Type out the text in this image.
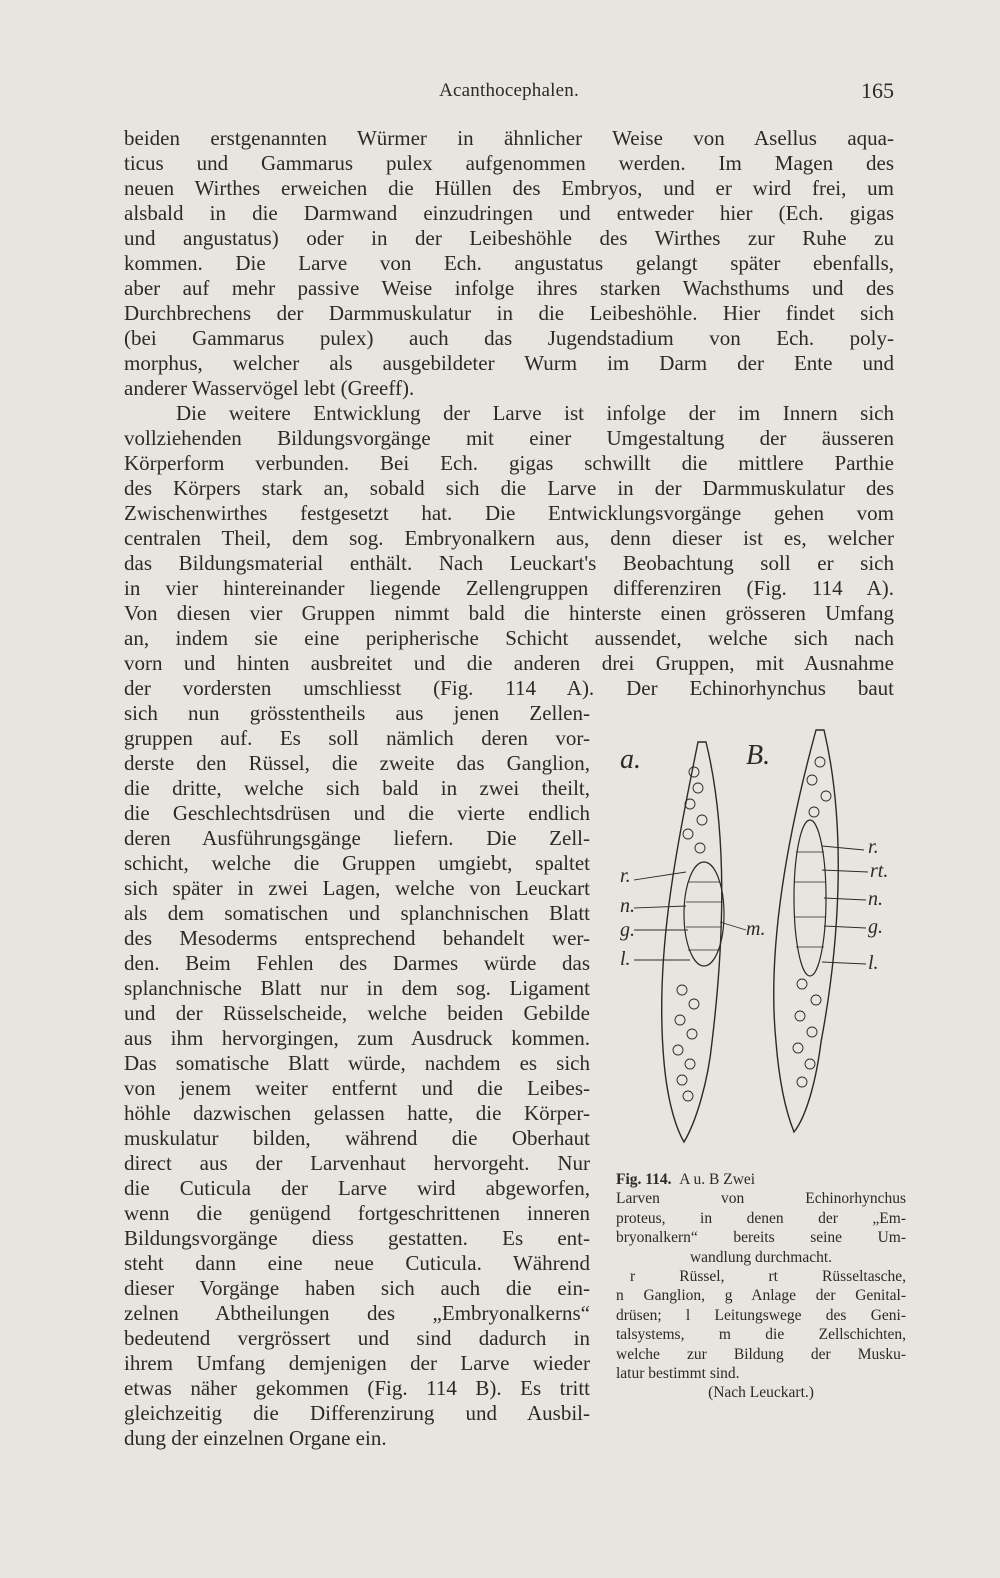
Acanthocephalen.	165
beiden erstgenannten Würmer in ähnlicher Weise von Asellus aqua-
ticus und Gammarus pulex aufgenommen werden. Im Magen des
neuen Wirthes erweichen die Hüllen des Embryos, und er wird frei, um
alsbald in die Darmwand einzudringen und entweder hier (Ech. gigas
und angustatus) oder in der Leibeshöhle des Wirthes zur Ruhe zu
kommen. Die Larve von Ech. angustatus gelangt später ebenfalls,
aber auf mehr passive Weise infolge ihres starken Wachsthums und des
Durchbrechens der Darmmuskulatur in die Leibeshöhle. Hier findet sich
(bei Gammarus pulex) auch das Jugendstadium von Ech. poly-
morphus, welcher als ausgebildeter Wurm im Darm der Ente und
anderer Wasservögel lebt (Greeff).
Die weitere Entwicklung der Larve ist infolge der im Innern sich
vollziehenden Bildungsvorgänge mit einer Umgestaltung der äusseren
Körperform verbunden. Bei Ech. gigas schwillt die mittlere Parthie
des Körpers stark an, sobald sich die Larve in der Darmmuskulatur des
Zwischenwirthes festgesetzt hat. Die Entwicklungsvorgänge gehen vom
centralen Theil, dem sog. Embryonalkern aus, denn dieser ist es, welcher
das Bildungsmaterial enthält. Nach Leuckart's Beobachtung soll er sich
in vier hintereinander liegende Zellengruppen differenziren (Fig. 114 A).
Von diesen vier Gruppen nimmt bald die hinterste einen grösseren Umfang
an, indem sie eine peripherische Schicht aussendet, welche sich nach
vorn und hinten ausbreitet und die anderen drei Gruppen, mit Ausnahme
der vordersten umschliesst (Fig. 114 A). Der Echinorhynchus baut
sich nun grösstentheils aus jenen Zellen-
gruppen auf. Es soll nämlich deren vor-
derste den Rüssel, die zweite das Ganglion,
die dritte, welche sich bald in zwei theilt,
die Geschlechtsdrüsen und die vierte endlich
deren Ausführungsgänge liefern. Die Zell-
schicht, welche die Gruppen umgiebt, spaltet
sich später in zwei Lagen, welche von Leuckart
als dem somatischen und splanchnischen Blatt
des Mesoderms entsprechend behandelt wer-
den. Beim Fehlen des Darmes würde das
splanchnische Blatt nur in dem sog. Ligament
und der Rüsselscheide, welche beiden Gebilde
aus ihm hervorgingen, zum Ausdruck kommen.
Das somatische Blatt würde, nachdem es sich
von jenem weiter entfernt und die Leibes-
höhle dazwischen gelassen hatte, die Körper-
muskulatur bilden, während die Oberhaut
direct aus der Larvenhaut hervorgeht. Nur
die Cuticula der Larve wird abgeworfen,
wenn die genügend fortgeschrittenen inneren
Bildungsvorgänge diess gestatten. Es ent-
steht dann eine neue Cuticula. Während
dieser Vorgänge haben sich auch die ein-
zelnen Abtheilungen des „Embryonalkerns“
bedeutend vergrössert und sind dadurch in
ihrem Umfang demjenigen der Larve wieder
etwas näher gekommen (Fig. 114 B). Es tritt
gleichzeitig die Differenzirung und Ausbil-
dung der einzelnen Organe ein.
a.	B.
r.
n.
g.
l.
m.
r.
rt.
n.
g.
l.
Fig. 114. A u. B Zwei
Larven von Echinorhynchus
proteus, in denen der „Em-
bryonalkern“ bereits seine Um-
wandlung durchmacht.
r Rüssel, rt Rüsseltasche,
n Ganglion, g Anlage der Genital-
drüsen; l Leitungswege des Geni-
talsystems, m die Zellschichten,
welche zur Bildung der Musku-
latur bestimmt sind.
(Nach Leuckart.)
